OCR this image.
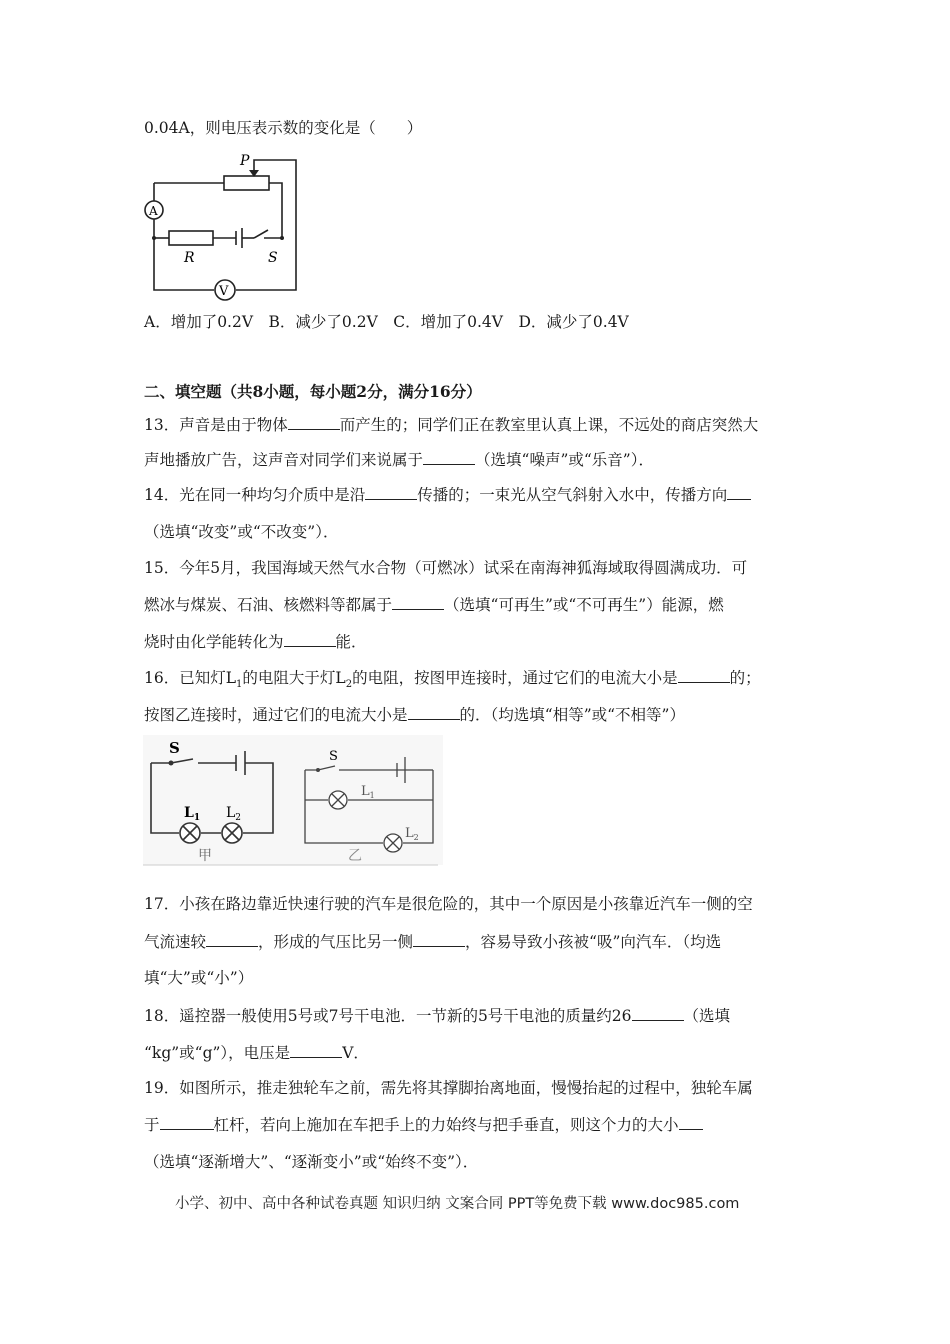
0.04A，则电压表示数的变化是（　　）
P
A
R	S
V
A．增加了0.2V　B．减少了0.2V　C．增加了0.4V　D．减少了0.4V
二、填空题（共8小题，每小题2分，满分16分）
13．声音是由于物体	而产生的；同学们正在教室里认真上课，不远处的商店突然大
声地播放广告，这声音对同学们来说属于	（选填“噪声”或“乐音”）．
14．光在同一种均匀介质中是沿	传播的；一束光从空气斜射入水中，传播方向
（选填“改变”或“不改变”）．
15．今年5月，我国海域天然气水合物（可燃冰）试采在南海神狐海域取得圆满成功．可
燃冰与煤炭、石油、核燃料等都属于	（选填“可再生”或“不可再生”）能源，燃
烧时由化学能转化为	能．
16．已知灯$L_1$的电阻大于灯$L_2$的电阻，按图甲连接时，通过它们的电流大小是	的；
按图乙连接时，通过它们的电流大小是	的．（均选填“相等”或“不相等”）
S
$L_1$ $L_2$
甲
S
$L_1$
$L_2$
乙
17．小孩在路边靠近快速行驶的汽车是很危险的，其中一个原因是小孩靠近汽车一侧的空
气流速较	，形成的气压比另一侧	，容易导致小孩被“吸”向汽车．（均选
填“大”或“小”）
18．遥控器一般使用5号或7号干电池．一节新的5号干电池的质量约26	（选填
“kg”或“g”），电压是	V．
19．如图所示，推走独轮车之前，需先将其撑脚抬离地面，慢慢抬起的过程中，独轮车属
于	杠杆，若向上施加在车把手上的力始终与把手垂直，则这个力的大小
（选填“逐渐增大”、“逐渐变小”或“始终不变”）．
小学、初中、高中各种试卷真题 知识归纳 文案合同 PPT等免费下载 www.doc985.com
